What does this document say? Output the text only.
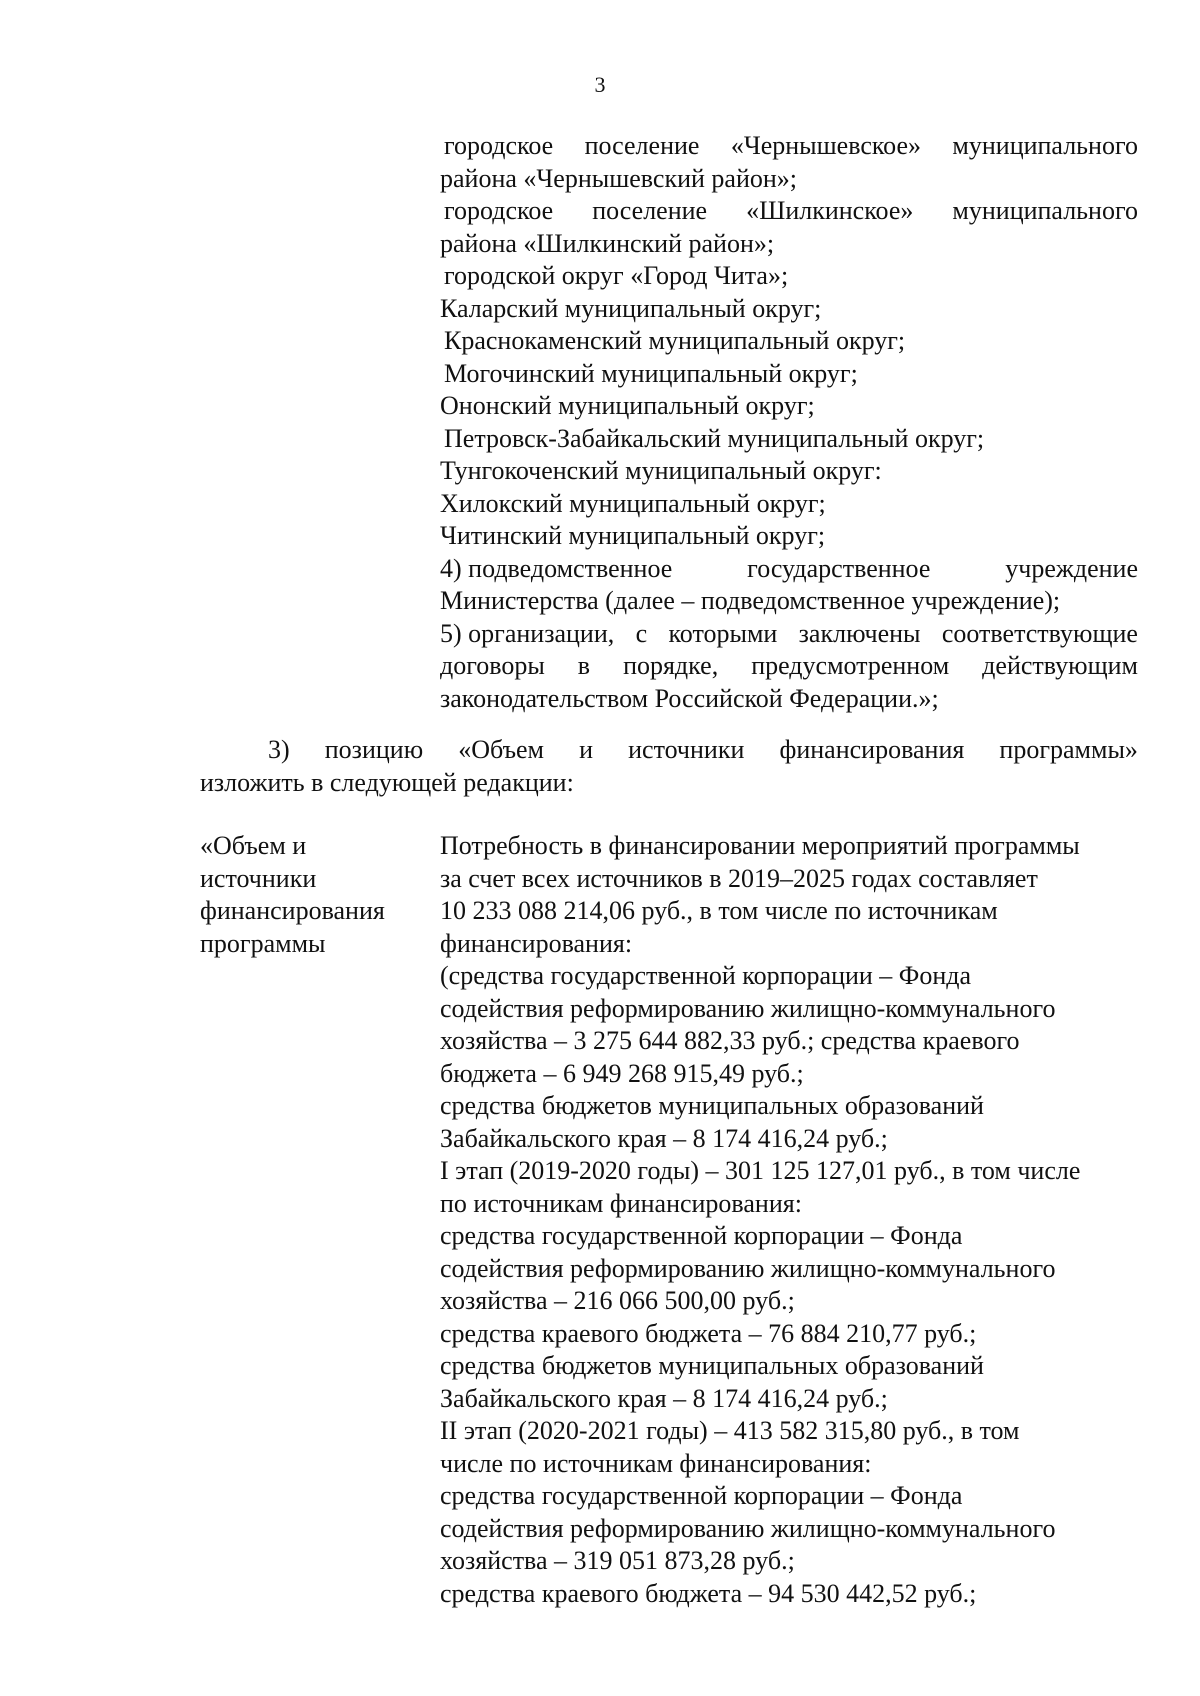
3
городское поселение «Чернышевское» муниципального
района «Чернышевский район»;
городское поселение «Шилкинское» муниципального
района «Шилкинский район»;
городской округ «Город Чита»;
Каларский муниципальный округ;
Краснокаменский муниципальный округ;
Могочинский муниципальный округ;
Ононский муниципальный округ;
Петровск-Забайкальский муниципальный округ;
Тунгокоченский муниципальный округ:
Хилокский муниципальный округ;
Читинский муниципальный округ;
4) подведомственное	государственное	учреждение
Министерства (далее – подведомственное учреждение);
5) организации, с которыми заключены соответствующие
договоры в порядке, предусмотренном действующим
законодательством Российской Федерации.»;
3) позицию «Объем и источники финансирования программы»
изложить в следующей редакции:
«Объем и
источники
финансирования
программы
Потребность в финансировании мероприятий программы
за счет всех источников в 2019–2025 годах составляет
10 233 088 214,06 руб., в том числе по источникам
финансирования:
(средства государственной корпорации – Фонда
содействия реформированию жилищно-коммунального
хозяйства – 3 275 644 882,33 руб.; средства краевого
бюджета – 6 949 268 915,49 руб.;
средства бюджетов муниципальных образований
Забайкальского края – 8 174 416,24 руб.;
I этап (2019-2020 годы) – 301 125 127,01 руб., в том числе
по источникам финансирования:
средства государственной корпорации – Фонда
содействия реформированию жилищно-коммунального
хозяйства – 216 066 500,00 руб.;
средства краевого бюджета – 76 884 210,77 руб.;
средства бюджетов муниципальных образований
Забайкальского края – 8 174 416,24 руб.;
II этап (2020-2021 годы) – 413 582 315,80 руб., в том
числе по источникам финансирования:
средства государственной корпорации – Фонда
содействия реформированию жилищно-коммунального
хозяйства – 319 051 873,28 руб.;
средства краевого бюджета – 94 530 442,52 руб.;
